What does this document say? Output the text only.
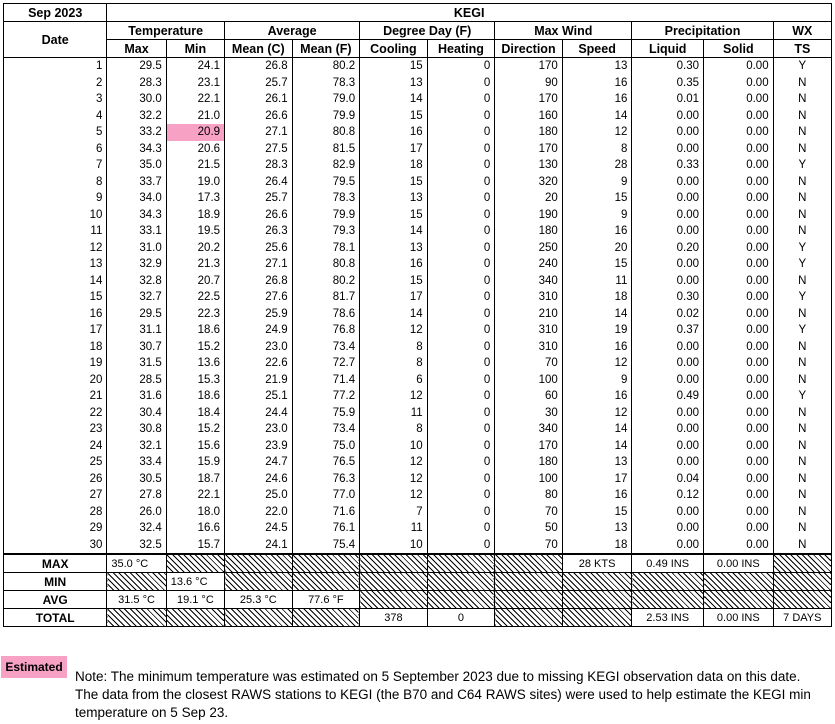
Sep 2023	KEGI										
Date	Temperature		Average		Degree Day (F)		Max Wind		Precipitation		WX
	Max	Min	Mean (C)	Mean (F)	Cooling	Heating	Direction	Speed	Liquid	Solid	TS
1	29.5	24.1	26.8	80.2	15	0	170	13	0.30	0.00	Y
2	28.3	23.1	25.7	78.3	13	0	90	16	0.35	0.00	N
3	30.0	22.1	26.1	79.0	14	0	170	16	0.01	0.00	N
4	32.2	21.0	26.6	79.9	15	0	160	14	0.00	0.00	N
5	33.2	20.9	27.1	80.8	16	0	180	12	0.00	0.00	N
6	34.3	20.6	27.5	81.5	17	0	170	8	0.00	0.00	N
7	35.0	21.5	28.3	82.9	18	0	130	28	0.33	0.00	Y
8	33.7	19.0	26.4	79.5	15	0	320	9	0.00	0.00	N
9	34.0	17.3	25.7	78.3	13	0	20	15	0.00	0.00	N
10	34.3	18.9	26.6	79.9	15	0	190	9	0.00	0.00	N
11	33.1	19.5	26.3	79.3	14	0	180	16	0.00	0.00	N
12	31.0	20.2	25.6	78.1	13	0	250	20	0.20	0.00	Y
13	32.9	21.3	27.1	80.8	16	0	240	15	0.00	0.00	Y
14	32.8	20.7	26.8	80.2	15	0	340	11	0.00	0.00	N
15	32.7	22.5	27.6	81.7	17	0	310	18	0.30	0.00	Y
16	29.5	22.3	25.9	78.6	14	0	210	14	0.02	0.00	N
17	31.1	18.6	24.9	76.8	12	0	310	19	0.37	0.00	Y
18	30.7	15.2	23.0	73.4	8	0	310	16	0.00	0.00	N
19	31.5	13.6	22.6	72.7	8	0	70	12	0.00	0.00	N
20	28.5	15.3	21.9	71.4	6	0	100	9	0.00	0.00	N
21	31.6	18.6	25.1	77.2	12	0	60	16	0.49	0.00	Y
22	30.4	18.4	24.4	75.9	11	0	30	12	0.00	0.00	N
23	30.8	15.2	23.0	73.4	8	0	340	14	0.00	0.00	N
24	32.1	15.6	23.9	75.0	10	0	170	14	0.00	0.00	N
25	33.4	15.9	24.7	76.5	12	0	180	13	0.00	0.00	N
26	30.5	18.7	24.6	76.3	12	0	100	17	0.04	0.00	N
27	27.8	22.1	25.0	77.0	12	0	80	16	0.12	0.00	N
28	26.0	18.0	22.0	71.6	7	0	70	15	0.00	0.00	N
29	32.4	16.6	24.5	76.1	11	0	50	13	0.00	0.00	N
30	32.5	15.7	24.1	75.4	10	0	70	18	0.00	0.00	N
MAX	35.0 °C							28 KTS	0.49 INS	0.00 INS	
MIN		13.6 °C									
AVG	31.5 °C	19.1 °C	25.3 °C	77.6 °F							
TOTAL					378	0			2.53 INS	0.00 INS	7 DAYS
Estimated
Note: The minimum temperature was estimated on 5 September 2023 due to missing KEGI observation data on this date. The data from the closest RAWS stations to KEGI (the B70 and C64 RAWS sites) were used to help estimate the KEGI min temperature on 5 Sep 23.
